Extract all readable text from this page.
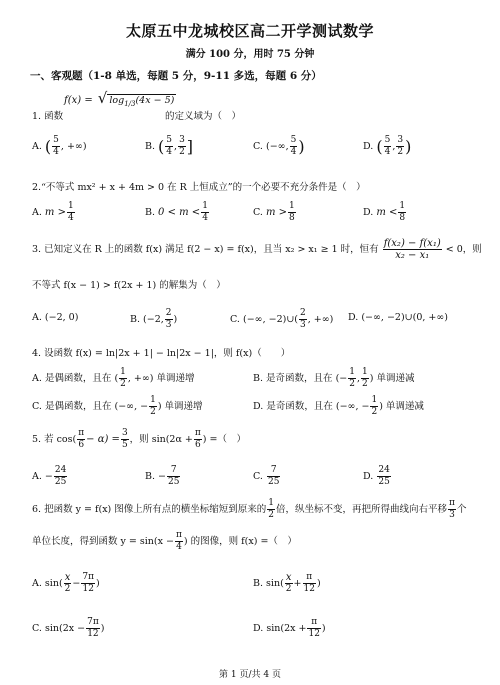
太原五中龙城校区高二开学测试数学
满分 100 分，用时 75 分钟
一、客观题（1-8 单选，每题 5 分，9-11 多选，每题 6 分）
f(x) = √ $\log_{1/3}(4x - 5)$
1. 函数	的定义域为（　）
A. ( $\frac{5}{4}$ , +∞)	B. ( $\frac{5}{4}$ , $\frac{3}{2}$ ]	C. (−∞, $\frac{5}{4}$ )	D. ( $\frac{5}{4}$ , $\frac{3}{2}$ )
2.“不等式 mx² + x + 4m > 0 在 R 上恒成立”的一个必要不充分条件是（　）
A. $m > \frac{1}{4}$	B. $0 < m < \frac{1}{4}$	C. $m > \frac{1}{8}$	D. $m < \frac{1}{8}$
3. 已知定义在 R 上的函数 f(x) 满足 f(2 − x) = f(x)，且当 x₂ > x₁ ≥ 1 时，恒有 $\frac{\text{f(x₂) − f(x₁)}}{\text{x₂ − x₁}} < 0$，则
不等式 f(x − 1) > f(2x + 1) 的解集为（　）
A. (−2, 0)	B. (−2, $\frac{2}{3}$ )	C. (−∞, −2)∪( $\frac{2}{3}$ , +∞) D. (−∞, −2)∪(0, +∞)
4. 设函数 f(x) = ln|2x + 1| − ln|2x − 1|，则 f(x)（　　）
A. 是偶函数，且在 ( $\frac{1}{2}$ , +∞) 单调递增	B. 是奇函数，且在 (− $\frac{1}{2}$ , $\frac{1}{2}$ ) 单调递减
C. 是偶函数，且在 (−∞, − $\frac{1}{2}$ ) 单调递增	D. 是奇函数，且在 (−∞, − $\frac{1}{2}$ ) 单调递减
5. 若 $\cos( \frac{\pi}{6} - \alpha) = \frac{3}{5}$ ，则 $\sin(2\alpha + \frac{\pi}{6}$ ) =（　）
A. − $\frac{24}{25}$	B. − $\frac{7}{25}$	C. $\frac{7}{25}$	D. $\frac{24}{25}$
6. 把函数 y = f(x) 图像上所有点的横坐标缩短到原来的 $\frac{1}{2}$ 倍，纵坐标不变，再把所得曲线向右平移 $\frac{\pi}{3}$ 个
单位长度，得到函数 $y = \sin(x - \frac{\pi}{4}$ ) 的图像，则 f(x) =（　）
A. $\sin( \frac{x}{2} - \frac{7\pi}{12}$ )	B. $\sin( \frac{x}{2} + \frac{\pi}{12}$ )
C. $\sin(2x - \frac{7\pi}{12}$ )	D. $\sin(2x + \frac{\pi}{12}$ )
第 1 页/共 4 页
